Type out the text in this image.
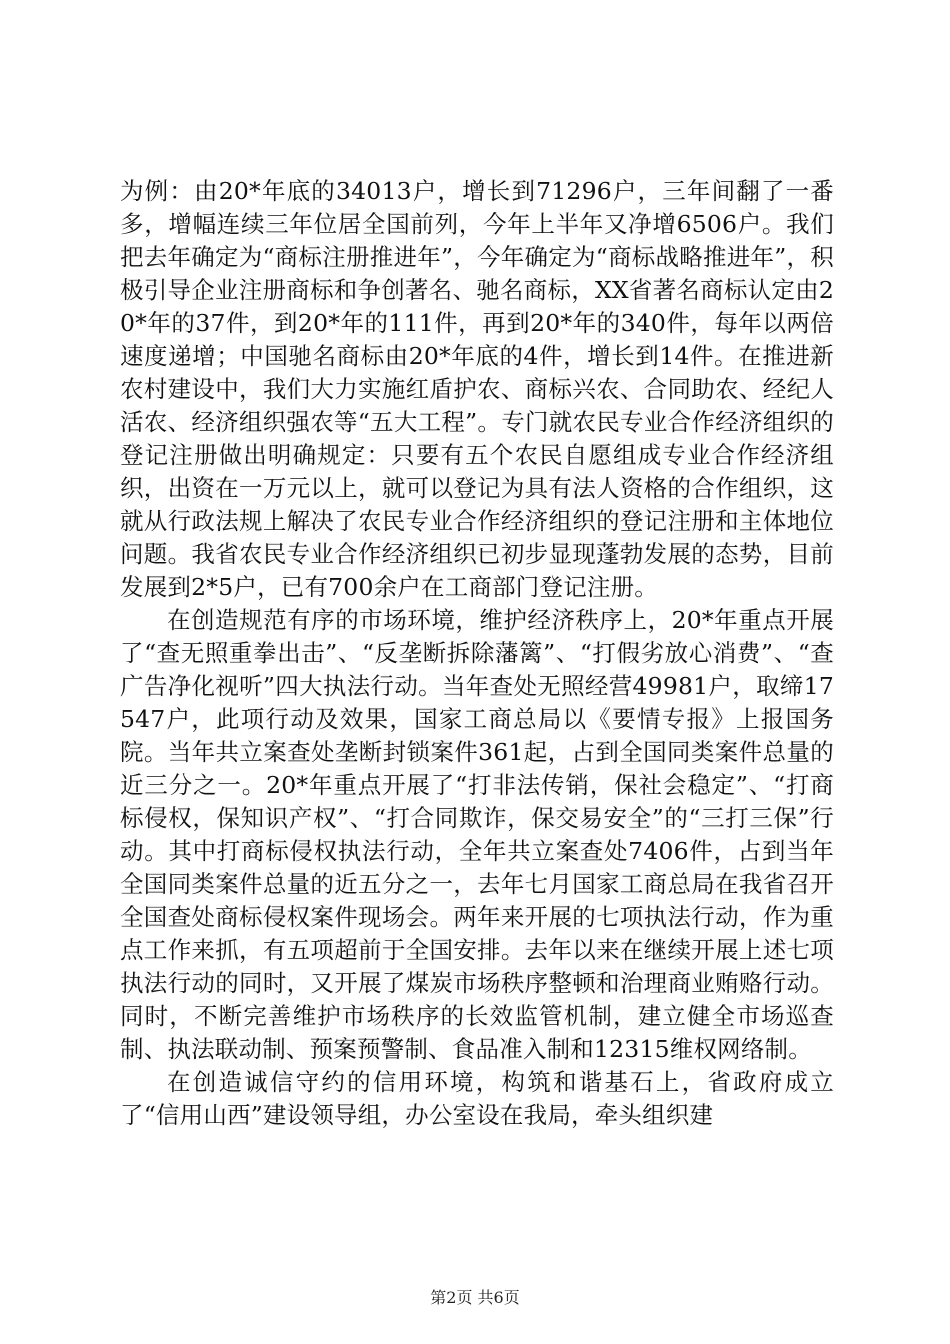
为例：由20*年底的34013户，增长到71296户，三年间翻了一番多，增幅连续三年位居全国前列，今年上半年又净增6506户。我们把去年确定为“商标注册推进年”，今年确定为“商标战略推进年”，积极引导企业注册商标和争创著名、驰名商标，XX省著名商标认定由20*年的37件，到20*年的111件，再到20*年的340件，每年以两倍速度递增；中国驰名商标由20*年底的4件，增长到14件。在推进新农村建设中，我们大力实施红盾护农、商标兴农、合同助农、经纪人活农、经济组织强农等“五大工程”。专门就农民专业合作经济组织的登记注册做出明确规定：只要有五个农民自愿组成专业合作经济组织，出资在一万元以上，就可以登记为具有法人资格的合作组织，这就从行政法规上解决了农民专业合作经济组织的登记注册和主体地位问题。我省农民专业合作经济组织已初步显现蓬勃发展的态势，目前发展到2*5户，已有700余户在工商部门登记注册。

在创造规范有序的市场环境，维护经济秩序上，20*年重点开展了“查无照重拳出击”、“反垄断拆除藩篱”、“打假劣放心消费”、“查广告净化视听”四大执法行动。当年查处无照经营49981户，取缔17547户，此项行动及效果，国家工商总局以《要情专报》上报国务院。当年共立案查处垄断封锁案件361起，占到全国同类案件总量的近三分之一。20*年重点开展了“打非法传销，保社会稳定”、“打商标侵权，保知识产权”、“打合同欺诈，保交易安全”的“三打三保”行动。其中打商标侵权执法行动，全年共立案查处7406件，占到当年全国同类案件总量的近五分之一，去年七月国家工商总局在我省召开全国查处商标侵权案件现场会。两年来开展的七项执法行动，作为重点工作来抓，有五项超前于全国安排。去年以来在继续开展上述七项执法行动的同时，又开展了煤炭市场秩序整顿和治理商业贿赂行动。同时，不断完善维护市场秩序的长效监管机制，建立健全市场巡查制、执法联动制、预案预警制、食品准入制和12315维权网络制。

在创造诚信守约的信用环境，构筑和谐基石上，省政府成立了“信用山西”建设领导组，办公室设在我局，牵头组织建

第2页 共6页
